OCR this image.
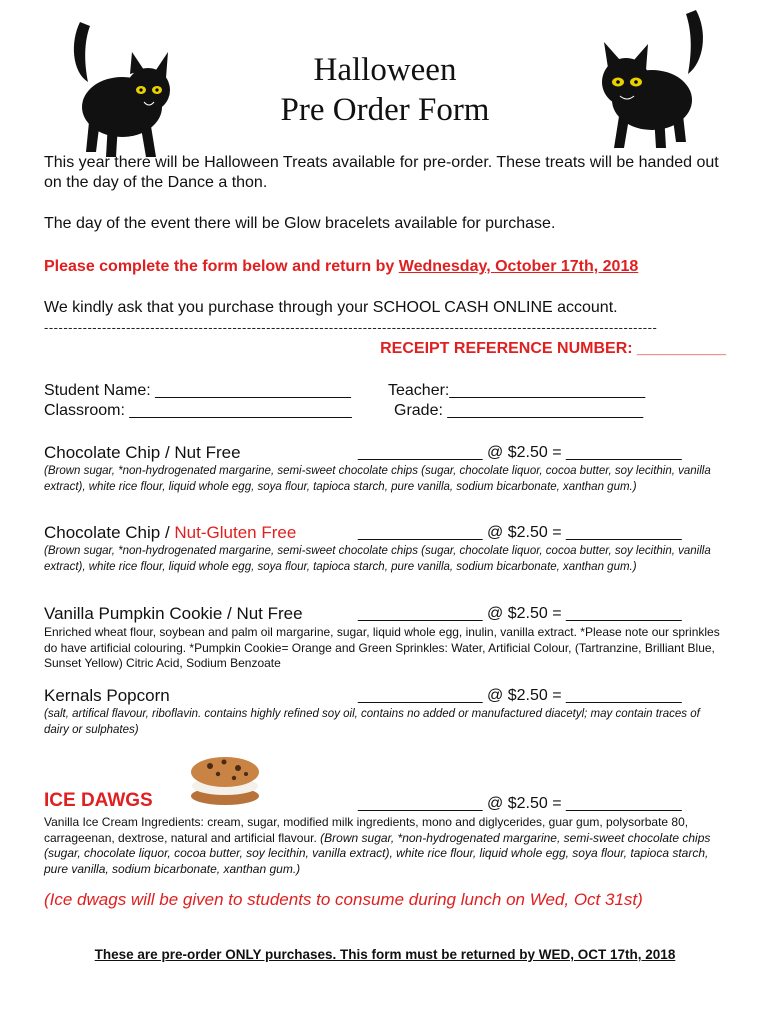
Halloween
Pre Order Form
This year there will be Halloween Treats available for pre-order. These treats will be handed out on the day of the Dance a thon.
The day of the event there will be Glow bracelets available for purchase.
Please complete the form below and return by Wednesday, October 17th, 2018
We kindly ask that you purchase through your SCHOOL CASH ONLINE account.
-------------------------------------------------------------------------------------------------------------------------------
RECEIPT REFERENCE NUMBER: __________
Student Name: ______________________ Teacher:______________________
Classroom: _________________________	Grade: ______________________
Chocolate Chip / Nut Free	______________ @ $2.50 = _____________
(Brown sugar, *non-hydrogenated margarine, semi-sweet chocolate chips (sugar, chocolate liquor, cocoa butter, soy lecithin, vanilla extract), white rice flour, liquid whole egg, soya flour, tapioca starch, pure vanilla, sodium bicarbonate, xanthan gum.)
Chocolate Chip / Nut-Gluten Free	______________ @ $2.50 = _____________
(Brown sugar, *non-hydrogenated margarine, semi-sweet chocolate chips (sugar, chocolate liquor, cocoa butter, soy lecithin, vanilla extract), white rice flour, liquid whole egg, soya flour, tapioca starch, pure vanilla, sodium bicarbonate, xanthan gum.)
Vanilla Pumpkin Cookie / Nut Free	______________ @ $2.50 = _____________
Enriched wheat flour, soybean and palm oil margarine, sugar, liquid whole egg, inulin, vanilla extract. *Please note our sprinkles do have artificial colouring. *Pumpkin Cookie= Orange and Green Sprinkles: Water, Artificial Colour, (Tartranzine, Brilliant Blue, Sunset Yellow) Citric Acid, Sodium Benzoate
Kernals Popcorn	______________ @ $2.50 = _____________
(salt, artifical flavour, riboflavin. contains highly refined soy oil, contains no added or manufactured diacetyl; may contain traces of dairy or sulphates)
ICE DAWGS	______________ @ $2.50 = _____________
Vanilla Ice Cream Ingredients: cream, sugar, modified milk ingredients, mono and diglycerides, guar gum, polysorbate 80, carrageenan, dextrose, natural and artificial flavour. (Brown sugar, *non-hydrogenated margarine, semi-sweet chocolate chips (sugar, chocolate liquor, cocoa butter, soy lecithin, vanilla extract), white rice flour, liquid whole egg, soya flour, tapioca starch, pure vanilla, sodium bicarbonate, xanthan gum.)
(Ice dwags will be given to students to consume during lunch on Wed, Oct 31st)
These are pre-order ONLY purchases. This form must be returned by WED, OCT 17th, 2018
